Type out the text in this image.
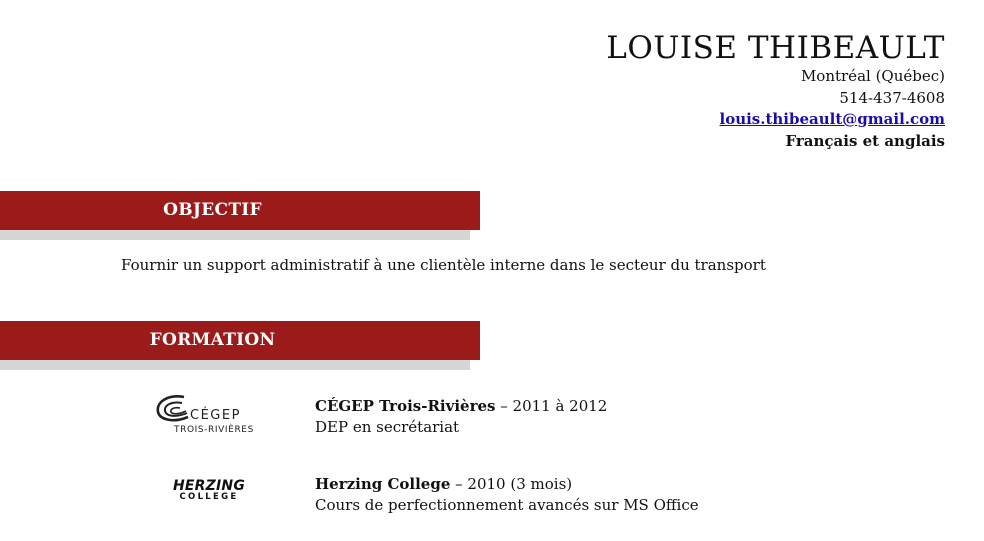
LOUISE THIBEAULT
Montréal (Québec)
514-437-4608
louis.thibeault@gmail.com
Français et anglais
OBJECTIF
Fournir un support administratif à une clientèle interne dans le secteur du transport
FORMATION
CÉGEP
TROIS-RIVIÈRES
CÉGEP Trois-Rivières – 2011 à 2012
DEP en secrétariat
HERZING
COLLEGE
Herzing College – 2010 (3 mois)
Cours de perfectionnement avancés sur MS Office
